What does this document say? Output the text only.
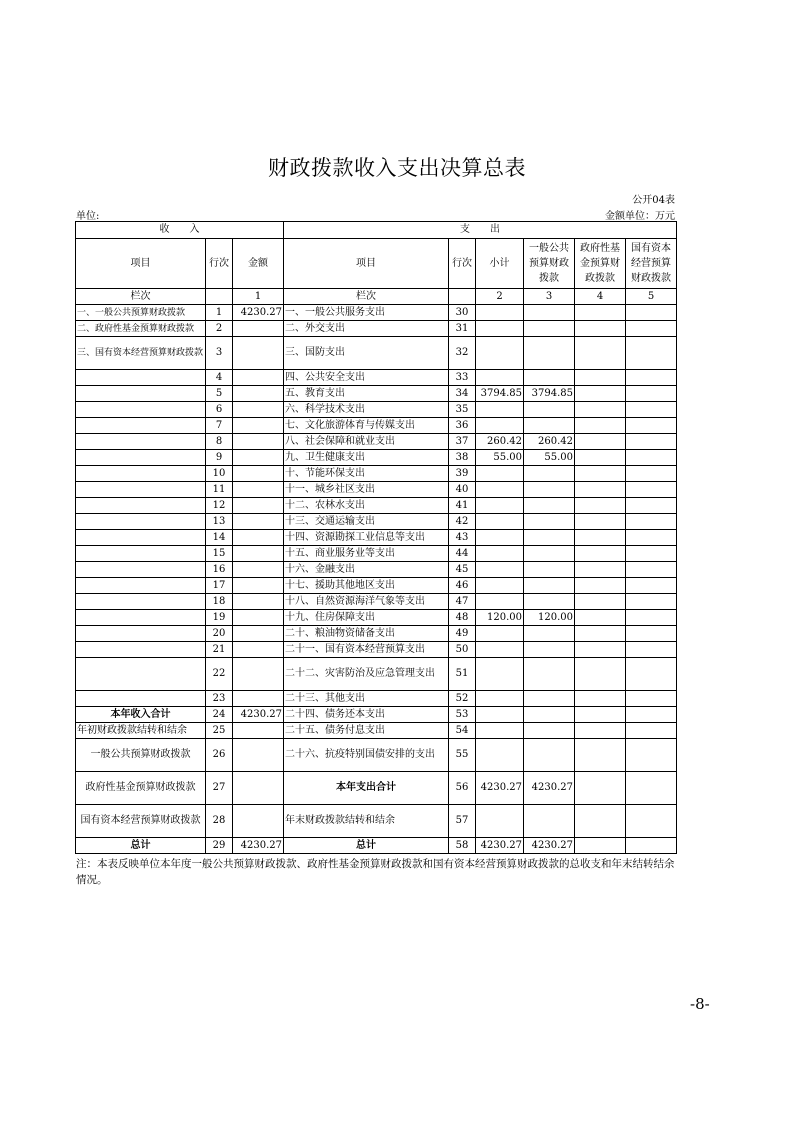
财政拨款收入支出决算总表
公开04表
单位:	金额单位：万元
收　　入			支　　出					
项目	行次	金额	项目	行次	小计	一般公共预算财政拨款	政府性基金预算财政拨款	国有资本经营预算财政拨款
栏次		1	栏次		2	3	4	5
一、一般公共预算财政拨款	1	4230.27	一、一般公共服务支出	30				
二、政府性基金预算财政拨款	2		二、外交支出	31				
三、国有资本经营预算财政拨款	3		三、国防支出	32				
	4		四、公共安全支出	33				
	5		五、教育支出	34	3794.85	3794.85		
	6		六、科学技术支出	35				
	7		七、文化旅游体育与传媒支出	36				
	8		八、社会保障和就业支出	37	260.42	260.42		
	9		九、卫生健康支出	38	55.00	55.00		
	10		十、节能环保支出	39				
	11		十一、城乡社区支出	40				
	12		十二、农林水支出	41				
	13		十三、交通运输支出	42				
	14		十四、资源勘探工业信息等支出	43				
	15		十五、商业服务业等支出	44				
	16		十六、金融支出	45				
	17		十七、援助其他地区支出	46				
	18		十八、自然资源海洋气象等支出	47				
	19		十九、住房保障支出	48	120.00	120.00		
	20		二十、粮油物资储备支出	49				
	21		二十一、国有资本经营预算支出	50				
	22		二十二、灾害防治及应急管理支出	51				
	23		二十三、其他支出	52				
本年收入合计	24	4230.27	二十四、债务还本支出	53				
年初财政拨款结转和结余	25		二十五、债务付息支出	54				
一般公共预算财政拨款	26		二十六、抗疫特别国债安排的支出	55				
政府性基金预算财政拨款	27		本年支出合计	56	4230.27	4230.27		
国有资本经营预算财政拨款	28		年末财政拨款结转和结余	57				
总计	29	4230.27	总计	58	4230.27	4230.27		
注：本表反映单位本年度一般公共预算财政拨款、政府性基金预算财政拨款和国有资本经营预算财政拨款的总收支和年末结转结余情况。
-8-
